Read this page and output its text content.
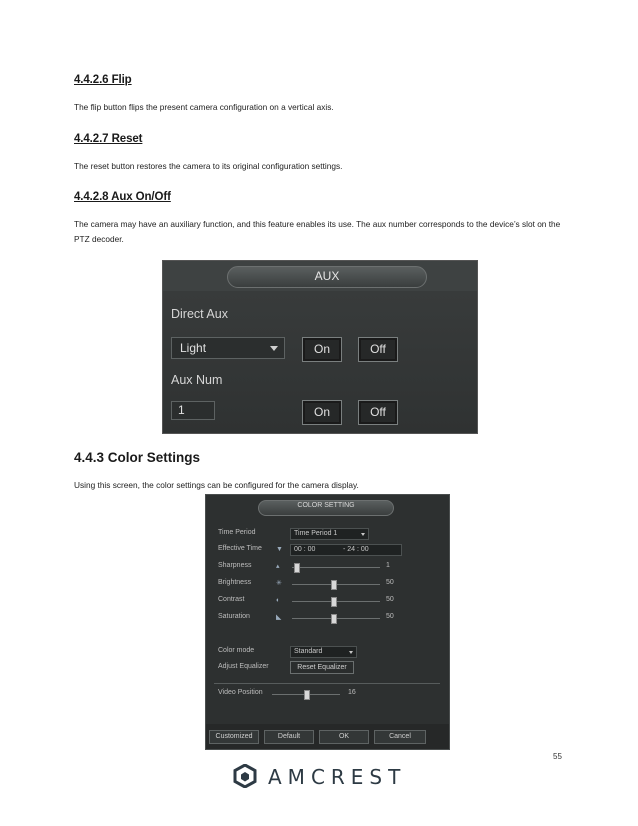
4.4.2.6 Flip
The flip button flips the present camera configuration on a vertical axis.
4.4.2.7 Reset
The reset button restores the camera to its original configuration settings.
4.4.2.8 Aux On/Off
The camera may have an auxiliary function, and this feature enables its use. The aux number corresponds to the device’s slot on the PTZ decoder.
AUX
Direct Aux
Light	On	Off
Aux Num
1	On	Off
4.4.3 Color Settings
Using this screen, the color settings can be configured for the camera display.
COLOR SETTING
Time Period	Time Period 1
Effective Time ▼	00 : 00	- 24 : 00
Sharpness	▴	1
Brightness	✳	50
Contrast	◐	50
Saturation	◣	50
Color mode	Standard
Adjust Equalizer	Reset Equalizer
Video Position	16
Customized	Default	OK	Cancel
55
AMCREST
